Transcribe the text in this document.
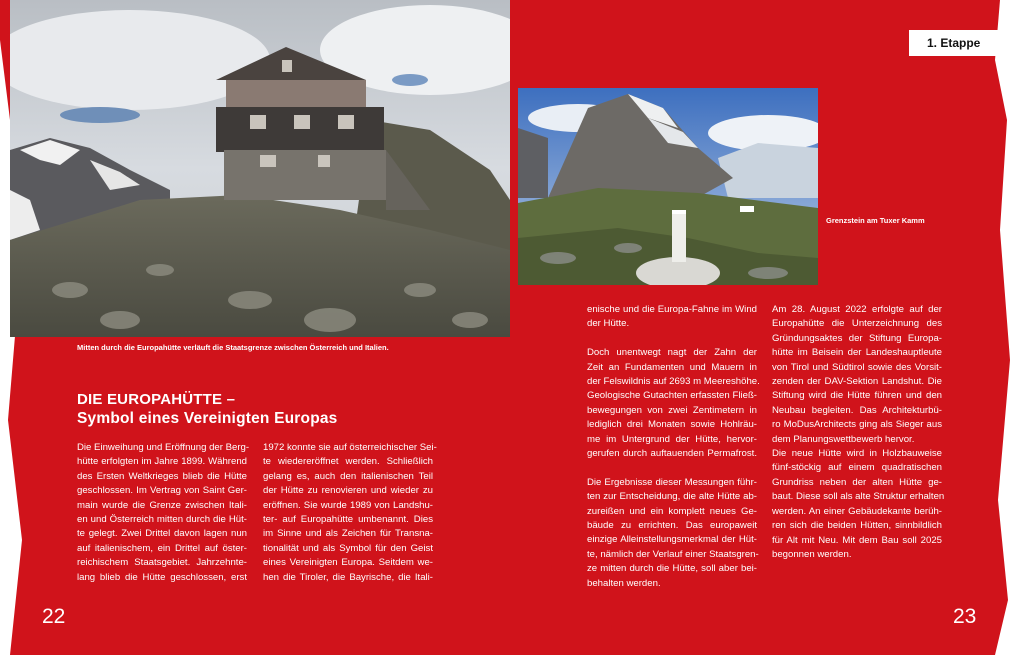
Mitten durch die Europahütte verläuft die Staatsgrenze zwischen Österreich und Italien.
Grenzstein am Tuxer Kamm
1. Etappe
DIE EUROPAHÜTTE –
Symbol eines Vereinigten Europas
Die Einweihung und Eröffnung der Berg-
hütte erfolgten im Jahre 1899. Während
des Ersten Weltkrieges blieb die Hütte
geschlossen. Im Vertrag von Saint Ger-
main wurde die Grenze zwischen Itali-
en und Österreich mitten durch die Hüt-
te gelegt. Zwei Drittel davon lagen nun
auf italienischem, ein Drittel auf öster-
reichischem Staatsgebiet. Jahrzehnte-
lang blieb die Hütte geschlossen, erst
1972 konnte sie auf österreichischer Sei-
te wiedereröffnet werden. Schließlich
gelang es, auch den italienischen Teil
der Hütte zu renovieren und wieder zu
eröffnen. Sie wurde 1989 von Landshu-
ter- auf Europahütte umbenannt. Dies
im Sinne und als Zeichen für Transna-
tionalität und als Symbol für den Geist
eines Vereinigten Europa. Seitdem we-
hen die Tiroler, die Bayrische, die Itali-
enische und die Europa-Fahne im Wind
der Hütte.
Doch unentwegt nagt der Zahn der
Zeit an Fundamenten und Mauern in
der Felswildnis auf 2693 m Meereshöhe.
Geologische Gutachten erfassten Fließ-
bewegungen von zwei Zentimetern in
lediglich drei Monaten sowie Hohlräu-
me im Untergrund der Hütte, hervor-
gerufen durch auftauenden Permafrost.
Die Ergebnisse dieser Messungen führ-
ten zur Entscheidung, die alte Hütte ab-
zureißen und ein komplett neues Ge-
bäude zu errichten. Das europaweit
einzige Alleinstellungsmerkmal der Hüt-
te, nämlich der Verlauf einer Staatsgren-
ze mitten durch die Hütte, soll aber bei-
behalten werden.
Am 28. August 2022 erfolgte auf der
Europahütte die Unterzeichnung des
Gründungsaktes der Stiftung Europa-
hütte im Beisein der Landeshauptleute
von Tirol und Südtirol sowie des Vorsit-
zenden der DAV-Sektion Landshut. Die
Stiftung wird die Hütte führen und den
Neubau begleiten. Das Architekturbü-
ro MoDusArchitects ging als Sieger aus
dem Planungswettbewerb hervor.
Die neue Hütte wird in Holzbauweise
fünf-stöckig auf einem quadratischen
Grundriss neben der alten Hütte ge-
baut. Diese soll als alte Struktur erhalten
werden. An einer Gebäudekante berüh-
ren sich die beiden Hütten, sinnbildlich
für Alt mit Neu. Mit dem Bau soll 2025
begonnen werden.
22	23
